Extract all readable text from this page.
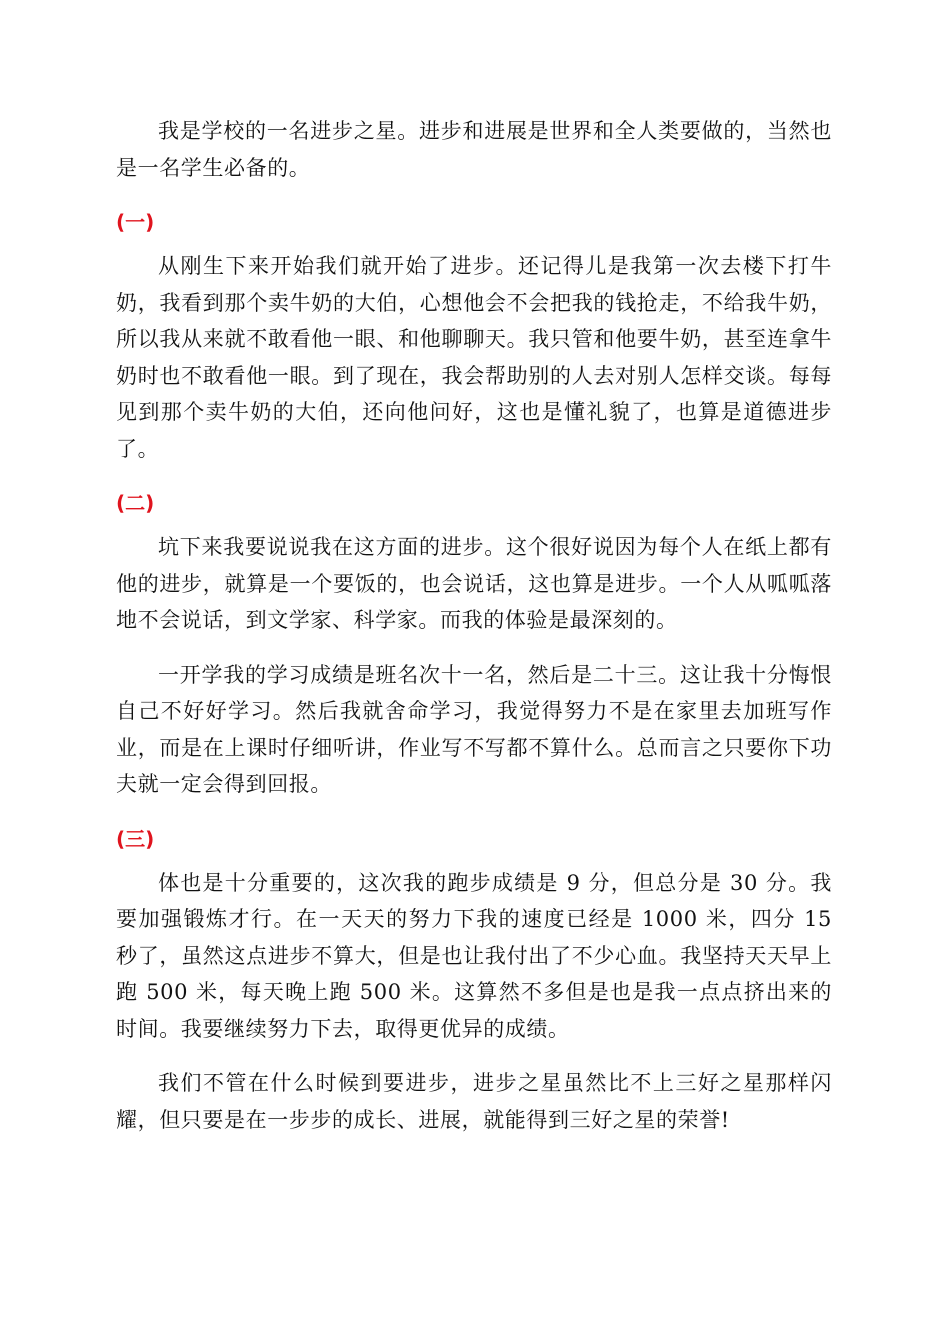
我是学校的一名进步之星。进步和进展是世界和全人类要做的，当然也是一名学生必备的。

(一)

从刚生下来开始我们就开始了进步。还记得儿是我第一次去楼下打牛奶，我看到那个卖牛奶的大伯，心想他会不会把我的钱抢走，不给我牛奶，所以我从来就不敢看他一眼、和他聊聊天。我只管和他要牛奶，甚至连拿牛奶时也不敢看他一眼。到了现在，我会帮助别的人去对别人怎样交谈。每每见到那个卖牛奶的大伯，还向他问好，这也是懂礼貌了，也算是道德进步了。

(二)

坑下来我要说说我在这方面的进步。这个很好说因为每个人在纸上都有他的进步，就算是一个要饭的，也会说话，这也算是进步。一个人从呱呱落地不会说话，到文学家、科学家。而我的体验是最深刻的。

一开学我的学习成绩是班名次十一名，然后是二十三。这让我十分悔恨自己不好好学习。然后我就舍命学习，我觉得努力不是在家里去加班写作业，而是在上课时仔细听讲，作业写不写都不算什么。总而言之只要你下功夫就一定会得到回报。

(三)

体也是十分重要的，这次我的跑步成绩是 9 分，但总分是 30 分。我要加强锻炼才行。在一天天的努力下我的速度已经是 1000 米，四分 15 秒了，虽然这点进步不算大，但是也让我付出了不少心血。我坚持天天早上跑 500 米，每天晚上跑 500 米。这算然不多但是也是我一点点挤出来的时间。我要继续努力下去，取得更优异的成绩。

我们不管在什么时候到要进步，进步之星虽然比不上三好之星那样闪耀，但只要是在一步步的成长、进展，就能得到三好之星的荣誉!
